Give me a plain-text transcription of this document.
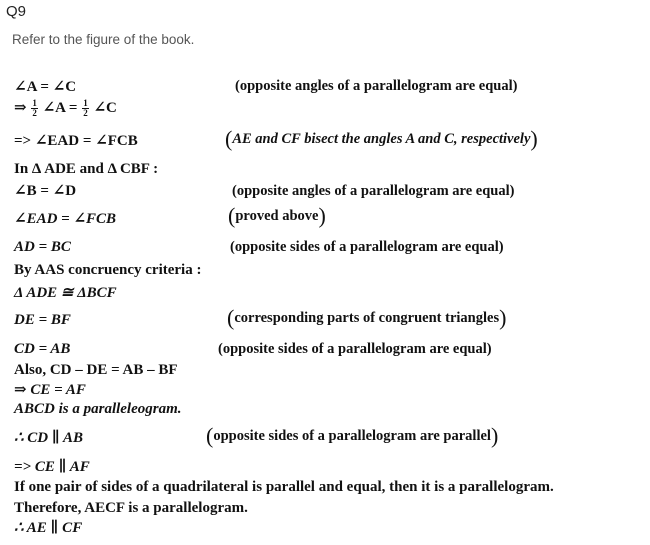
Q9
Refer to the figure of the book.
∠A = ∠C	(opposite angles of a parallelogram are equal)
⇒ $\frac{1}{2}$ ∠A = $\frac{1}{2}$ ∠C
=> ∠EAD = ∠FCB	(AE and CF bisect the angles A and C, respectively)
In Δ ADE and Δ CBF :
∠B = ∠D	(opposite angles of a parallelogram are equal)
∠EAD = ∠FCB	(proved above)
AD = BC	(opposite sides of a parallelogram are equal)
By AAS concruency criteria :
Δ ADE ≅ ΔBCF
DE = BF	(corresponding parts of congruent triangles)
CD = AB	(opposite sides of a parallelogram are equal)
Also, CD – DE = AB – BF
⇒ CE = AF
ABCD is a paralleleogram.
∴ CD ∥ AB	(opposite sides of a parallelogram are parallel)
=> CE ∥ AF
If one pair of sides of a quadrilateral is parallel and equal, then it is a parallelogram.
Therefore, AECF is a parallelogram.
∴ AE ∥ CF
